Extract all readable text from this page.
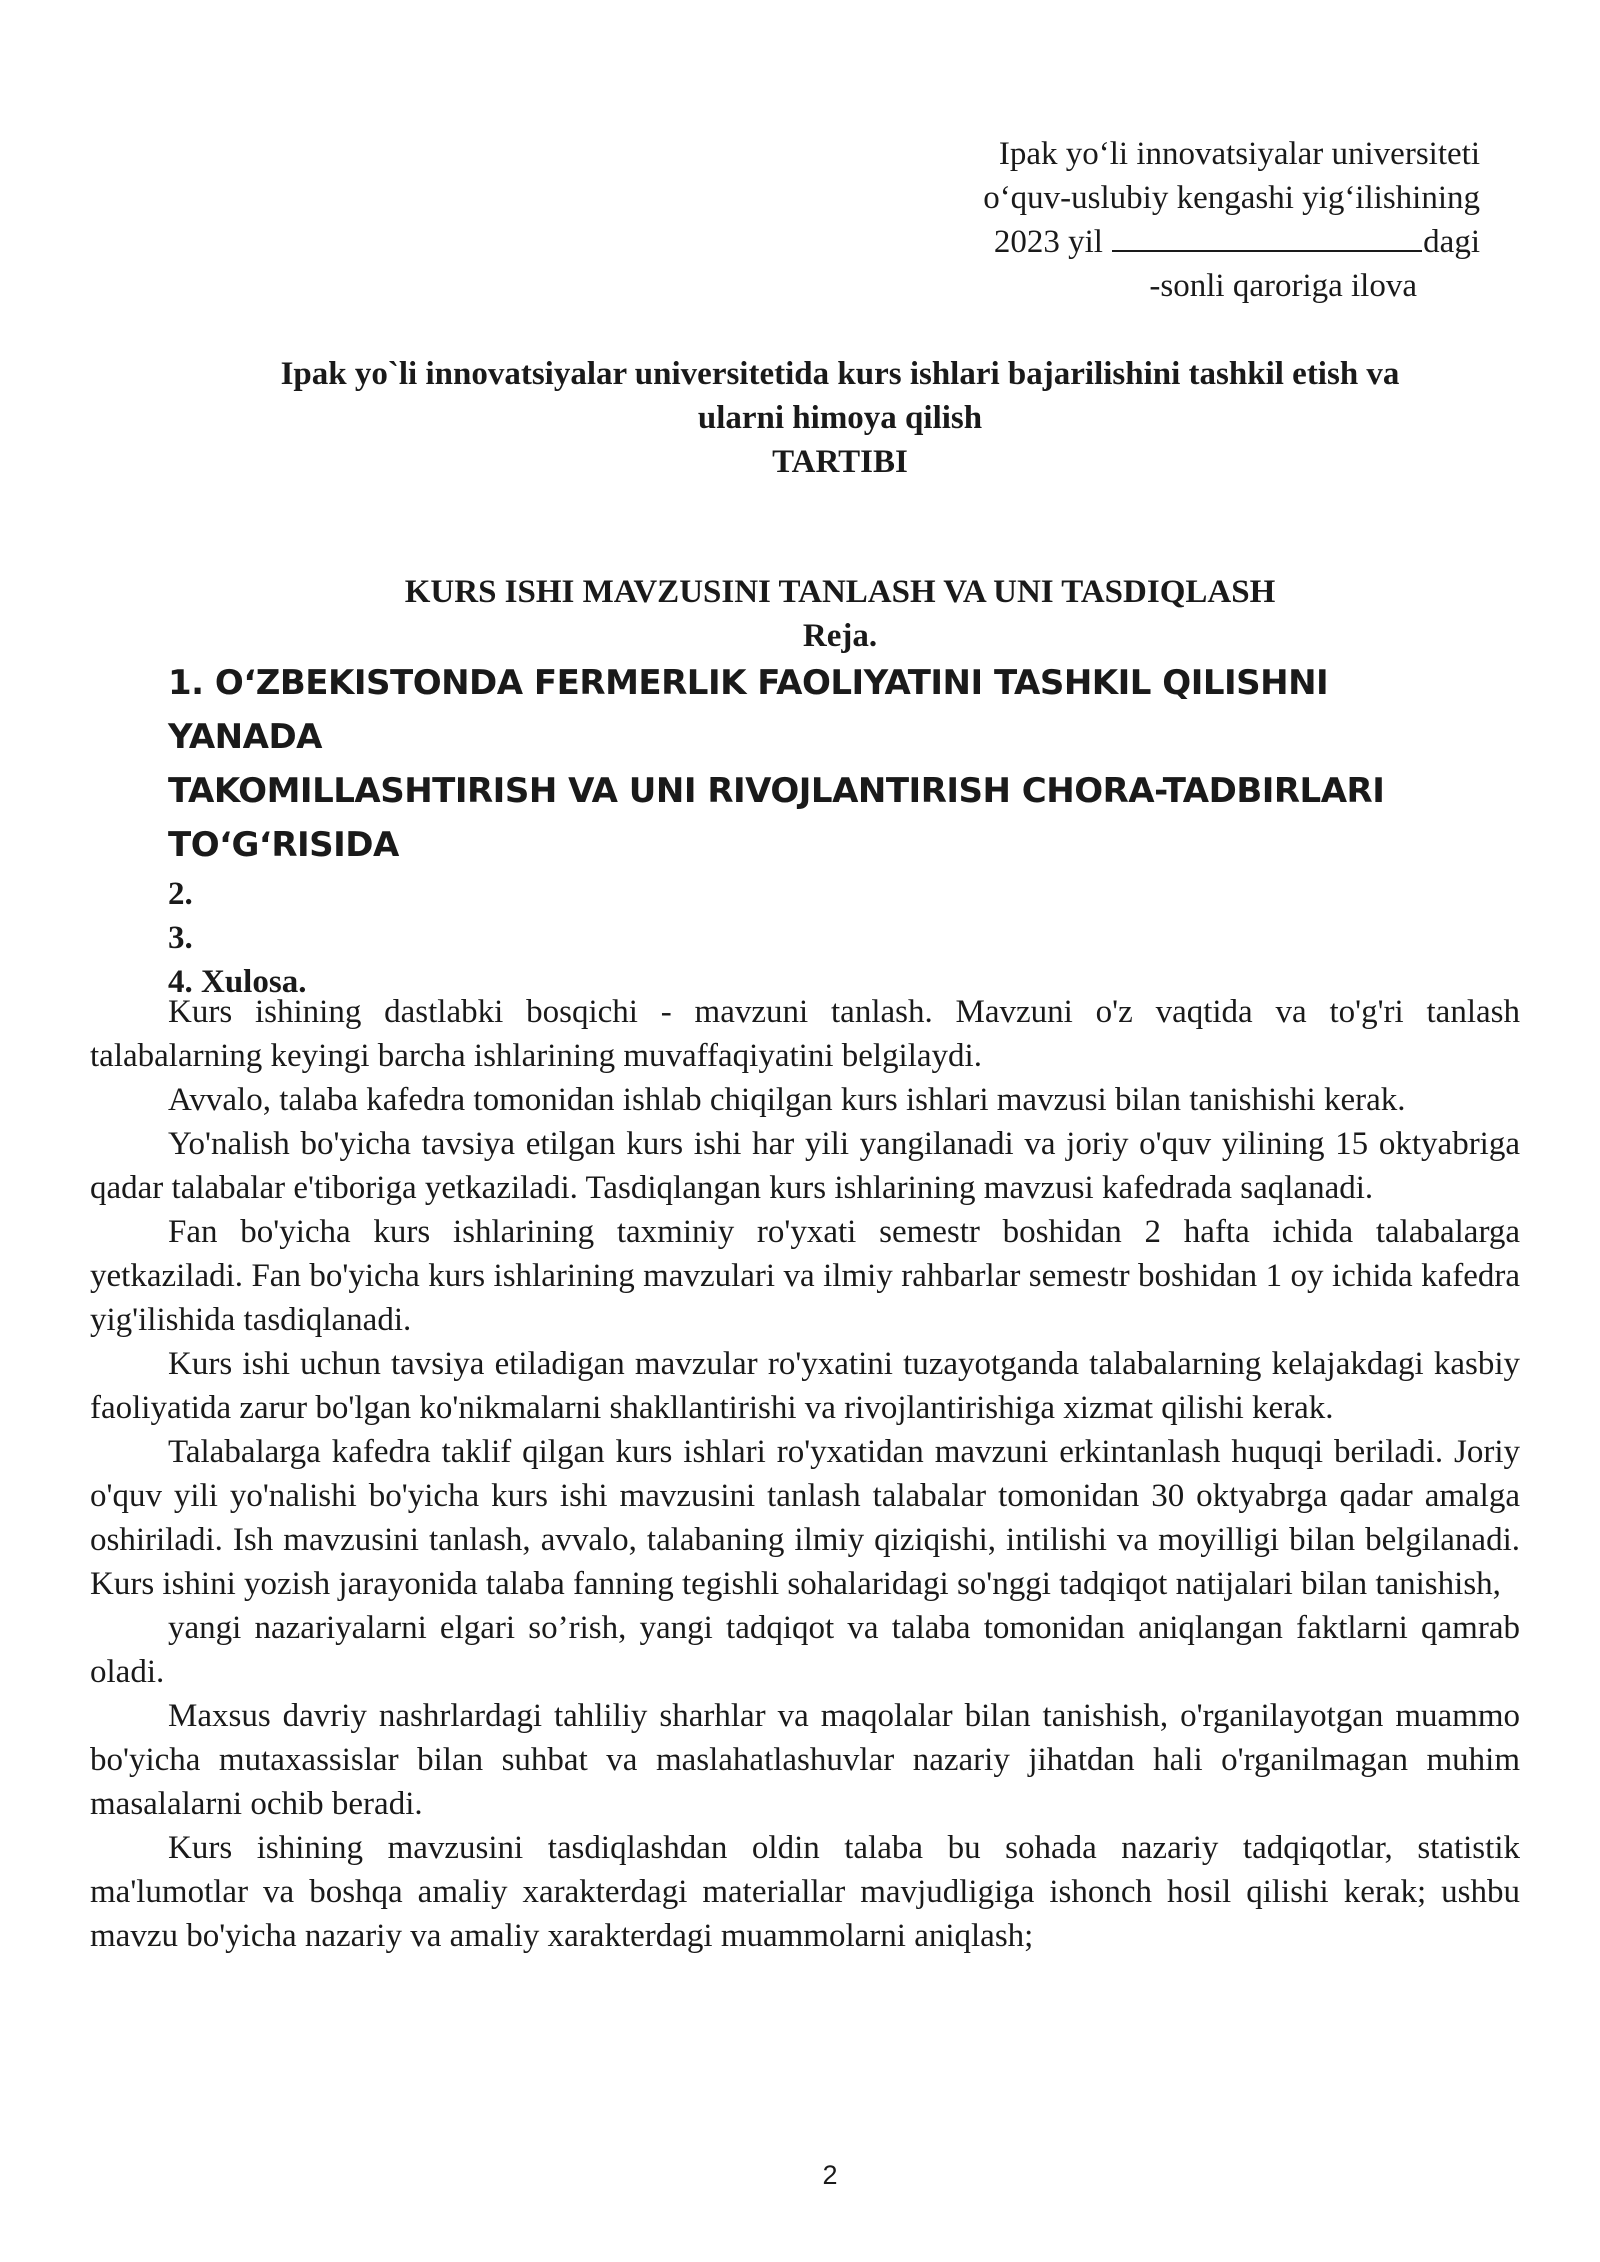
Ipak yo‘li innovatsiyalar universiteti
o‘quv-uslubiy kengashi yig‘ilishining
2023 yil	dagi
-sonli qaroriga ilova
Ipak yo`li innovatsiyalar universitetida kurs ishlari bajarilishini tashkil etish va
ularni himoya qilish
TARTIBI
KURS ISHI MAVZUSINI TANLASH VA UNI TASDIQLASH
Reja.
1. O‘ZBEKISTONDA FERMERLIK FAOLIYATINI TASHKIL QILISHNI YANADA
TAKOMILLASHTIRISH VA UNI RIVOJLANTIRISH CHORA-TADBIRLARI
TO‘G‘RISIDA
2.
3.
4. Xulosa.

Kurs ishining dastlabki bosqichi - mavzuni tanlash. Mavzuni o'z vaqtida va to'g'ri tanlash talabalarning keyingi barcha ishlarining muvaffaqiyatini belgilaydi.

Avvalo, talaba kafedra tomonidan ishlab chiqilgan kurs ishlari mavzusi bilan tanishishi kerak.

Yo'nalish bo'yicha tavsiya etilgan kurs ishi har yili yangilanadi va joriy o'quv yilining 15 oktyabriga qadar talabalar e'tiboriga yetkaziladi. Tasdiqlangan kurs ishlarining mavzusi kafedrada saqlanadi.

Fan bo'yicha kurs ishlarining taxminiy ro'yxati semestr boshidan 2 hafta ichida talabalarga yetkaziladi. Fan bo'yicha kurs ishlarining mavzulari va ilmiy rahbarlar semestr boshidan 1 oy ichida kafedra yig'ilishida tasdiqlanadi.

Kurs ishi uchun tavsiya etiladigan mavzular ro'yxatini tuzayotganda talabalarning kelajakdagi kasbiy faoliyatida zarur bo'lgan ko'nikmalarni shakllantirishi va rivojlantirishiga xizmat qilishi kerak.

Talabalarga kafedra taklif qilgan kurs ishlari ro'yxatidan mavzuni erkintanlash huquqi beriladi. Joriy o'quv yili yo'nalishi bo'yicha kurs ishi mavzusini tanlash talabalar tomonidan 30 oktyabrga qadar amalga oshiriladi. Ish mavzusini tanlash, avvalo, talabaning ilmiy qiziqishi, intilishi va moyilligi bilan belgilanadi. Kurs ishini yozish jarayonida talaba fanning tegishli sohalaridagi so'nggi tadqiqot natijalari bilan tanishish,

yangi nazariyalarni elgari so’rish, yangi tadqiqot va talaba tomonidan aniqlangan faktlarni qamrab oladi.

Maxsus davriy nashrlardagi tahliliy sharhlar va maqolalar bilan tanishish, o'rganilayotgan muammo bo'yicha mutaxassislar bilan suhbat va maslahatlashuvlar nazariy jihatdan hali o'rganilmagan muhim masalalarni ochib beradi.

Kurs ishining mavzusini tasdiqlashdan oldin talaba bu sohada nazariy tadqiqotlar, statistik ma'lumotlar va boshqa amaliy xarakterdagi materiallar mavjudligiga ishonch hosil qilishi kerak; ushbu mavzu bo'yicha nazariy va amaliy xarakterdagi muammolarni aniqlash;

2
